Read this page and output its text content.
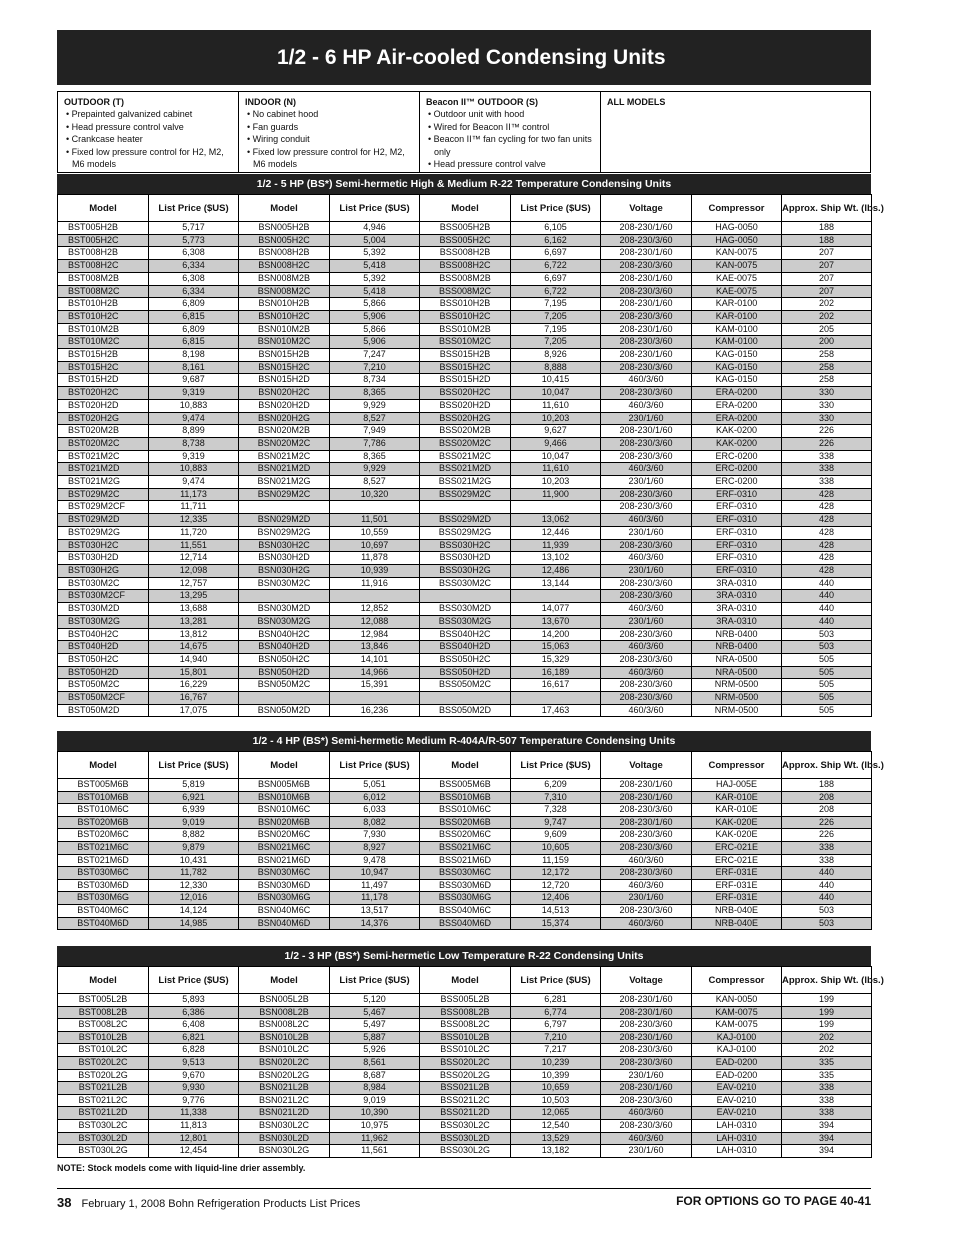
1/2 - 6 HP Air-cooled Condensing Units
OUTDOOR (T)
• Prepainted galvanized cabinet
• Head pressure control valve
• Crankcase heater
• Fixed low pressure control for H2, M2, M6 models
INDOOR (N)
• No cabinet hood
• Fan guards
• Wiring conduit
• Fixed low pressure control for H2, M2, M6 models
Beacon II™ OUTDOOR (S)
• Outdoor unit with hood
• Wired for Beacon II™ control
• Beacon II™ fan cycling for two fan units only
• Head pressure control valve
ALL MODELS
1/2 - 5 HP (BS*) Semi-hermetic High & Medium R-22 Temperature Condensing Units
Model	List Price ($US)	Model	List Price ($US)	Model	List Price ($US)	Voltage	Compressor	Approx. Ship Wt. (lbs.)
BST005H2B	5,717	BSN005H2B	4,946	BSS005H2B	6,105	208-230/1/60	HAG-0050	188
BST005H2C	5,773	BSN005H2C	5,004	BSS005H2C	6,162	208-230/3/60	HAG-0050	188
BST008H2B	6,308	BSN008H2B	5,392	BSS008H2B	6,697	208-230/1/60	KAN-0075	207
BST008H2C	6,334	BSN008H2C	5,418	BSS008H2C	6,722	208-230/3/60	KAN-0075	207
BST008M2B	6,308	BSN008M2B	5,392	BSS008M2B	6,697	208-230/1/60	KAE-0075	207
BST008M2C	6,334	BSN008M2C	5,418	BSS008M2C	6,722	208-230/3/60	KAE-0075	207
BST010H2B	6,809	BSN010H2B	5,866	BSS010H2B	7,195	208-230/1/60	KAR-0100	202
BST010H2C	6,815	BSN010H2C	5,906	BSS010H2C	7,205	208-230/3/60	KAR-0100	202
BST010M2B	6,809	BSN010M2B	5,866	BSS010M2B	7,195	208-230/1/60	KAM-0100	205
BST010M2C	6,815	BSN010M2C	5,906	BSS010M2C	7,205	208-230/3/60	KAM-0100	200
BST015H2B	8,198	BSN015H2B	7,247	BSS015H2B	8,926	208-230/1/60	KAG-0150	258
BST015H2C	8,161	BSN015H2C	7,210	BSS015H2C	8,888	208-230/3/60	KAG-0150	258
BST015H2D	9,687	BSN015H2D	8,734	BSS015H2D	10,415	460/3/60	KAG-0150	258
BST020H2C	9,319	BSN020H2C	8,365	BSS020H2C	10,047	208-230/3/60	ERA-0200	330
BST020H2D	10,883	BSN020H2D	9,929	BSS020H2D	11,610	460/3/60	ERA-0200	330
BST020H2G	9,474	BSN020H2G	8,527	BSS020H2G	10,203	230/1/60	ERA-0200	330
BST020M2B	8,899	BSN020M2B	7,949	BSS020M2B	9,627	208-230/1/60	KAK-0200	226
BST020M2C	8,738	BSN020M2C	7,786	BSS020M2C	9,466	208-230/3/60	KAK-0200	226
BST021M2C	9,319	BSN021M2C	8,365	BSS021M2C	10,047	208-230/3/60	ERC-0200	338
BST021M2D	10,883	BSN021M2D	9,929	BSS021M2D	11,610	460/3/60	ERC-0200	338
BST021M2G	9,474	BSN021M2G	8,527	BSS021M2G	10,203	230/1/60	ERC-0200	338
BST029M2C	11,173	BSN029M2C	10,320	BSS029M2C	11,900	208-230/3/60	ERF-0310	428
BST029M2CF	11,711					208-230/3/60	ERF-0310	428
BST029M2D	12,335	BSN029M2D	11,501	BSS029M2D	13,062	460/3/60	ERF-0310	428
BST029M2G	11,720	BSN029M2G	10,559	BSS029M2G	12,446	230/1/60	ERF-0310	428
BST030H2C	11,551	BSN030H2C	10,697	BSS030H2C	11,939	208-230/3/60	ERF-0310	428
BST030H2D	12,714	BSN030H2D	11,878	BSS030H2D	13,102	460/3/60	ERF-0310	428
BST030H2G	12,098	BSN030H2G	10,939	BSS030H2G	12,486	230/1/60	ERF-0310	428
BST030M2C	12,757	BSN030M2C	11,916	BSS030M2C	13,144	208-230/3/60	3RA-0310	440
BST030M2CF	13,295					208-230/3/60	3RA-0310	440
BST030M2D	13,688	BSN030M2D	12,852	BSS030M2D	14,077	460/3/60	3RA-0310	440
BST030M2G	13,281	BSN030M2G	12,088	BSS030M2G	13,670	230/1/60	3RA-0310	440
BST040H2C	13,812	BSN040H2C	12,984	BSS040H2C	14,200	208-230/3/60	NRB-0400	503
BST040H2D	14,675	BSN040H2D	13,846	BSS040H2D	15,063	460/3/60	NRB-0400	503
BST050H2C	14,940	BSN050H2C	14,101	BSS050H2C	15,329	208-230/3/60	NRA-0500	505
BST050H2D	15,801	BSN050H2D	14,966	BSS050H2D	16,189	460/3/60	NRA-0500	505
BST050M2C	16,229	BSN050M2C	15,391	BSS050M2C	16,617	208-230/3/60	NRM-0500	505
BST050M2CF	16,767					208-230/3/60	NRM-0500	505
BST050M2D	17,075	BSN050M2D	16,236	BSS050M2D	17,463	460/3/60	NRM-0500	505
1/2 - 4 HP (BS*) Semi-hermetic Medium R-404A/R-507 Temperature Condensing Units
Model	List Price ($US)	Model	List Price ($US)	Model	List Price ($US)	Voltage	Compressor	Approx. Ship Wt. (lbs.)
BST005M6B	5,819	BSN005M6B	5,051	BSS005M6B	6,209	208-230/1/60	HAJ-005E	188
BST010M6B	6,921	BSN010M6B	6,012	BSS010M6B	7,310	208-230/1/60	KAR-010E	208
BST010M6C	6,939	BSN010M6C	6,033	BSS010M6C	7,328	208-230/3/60	KAR-010E	208
BST020M6B	9,019	BSN020M6B	8,082	BSS020M6B	9,747	208-230/1/60	KAK-020E	226
BST020M6C	8,882	BSN020M6C	7,930	BSS020M6C	9,609	208-230/3/60	KAK-020E	226
BST021M6C	9,879	BSN021M6C	8,927	BSS021M6C	10,605	208-230/3/60	ERC-021E	338
BST021M6D	10,431	BSN021M6D	9,478	BSS021M6D	11,159	460/3/60	ERC-021E	338
BST030M6C	11,782	BSN030M6C	10,947	BSS030M6C	12,172	208-230/3/60	ERF-031E	440
BST030M6D	12,330	BSN030M6D	11,497	BSS030M6D	12,720	460/3/60	ERF-031E	440
BST030M6G	12,016	BSN030M6G	11,178	BSS030M6G	12,406	230/1/60	ERF-031E	440
BST040M6C	14,124	BSN040M6C	13,517	BSS040M6C	14,513	208-230/3/60	NRB-040E	503
BST040M6D	14,985	BSN040M6D	14,376	BSS040M6D	15,374	460/3/60	NRB-040E	503
1/2 - 3 HP (BS*) Semi-hermetic Low Temperature R-22 Condensing Units
Model	List Price ($US)	Model	List Price ($US)	Model	List Price ($US)	Voltage	Compressor	Approx. Ship Wt. (lbs.)
BST005L2B	5,893	BSN005L2B	5,120	BSS005L2B	6,281	208-230/1/60	KAN-0050	199
BST008L2B	6,386	BSN008L2B	5,467	BSS008L2B	6,774	208-230/1/60	KAM-0075	199
BST008L2C	6,408	BSN008L2C	5,497	BSS008L2C	6,797	208-230/3/60	KAM-0075	199
BST010L2B	6,821	BSN010L2B	5,887	BSS010L2B	7,210	208-230/1/60	KAJ-0100	202
BST010L2C	6,828	BSN010L2C	5,926	BSS010L2C	7,217	208-230/3/60	KAJ-0100	202
BST020L2C	9,513	BSN020L2C	8,561	BSS020L2C	10,239	208-230/3/60	EAD-0200	335
BST020L2G	9,670	BSN020L2G	8,687	BSS020L2G	10,399	230/1/60	EAD-0200	335
BST021L2B	9,930	BSN021L2B	8,984	BSS021L2B	10,659	208-230/1/60	EAV-0210	338
BST021L2C	9,776	BSN021L2C	9,019	BSS021L2C	10,503	208-230/3/60	EAV-0210	338
BST021L2D	11,338	BSN021L2D	10,390	BSS021L2D	12,065	460/3/60	EAV-0210	338
BST030L2C	11,813	BSN030L2C	10,975	BSS030L2C	12,540	208-230/3/60	LAH-0310	394
BST030L2D	12,801	BSN030L2D	11,962	BSS030L2D	13,529	460/3/60	LAH-0310	394
BST030L2G	12,454	BSN030L2G	11,561	BSS030L2G	13,182	230/1/60	LAH-0310	394
NOTE: Stock models come with liquid-line drier assembly.
38 February 1, 2008 Bohn Refrigeration Products List Prices	FOR OPTIONS GO TO PAGE 40-41
